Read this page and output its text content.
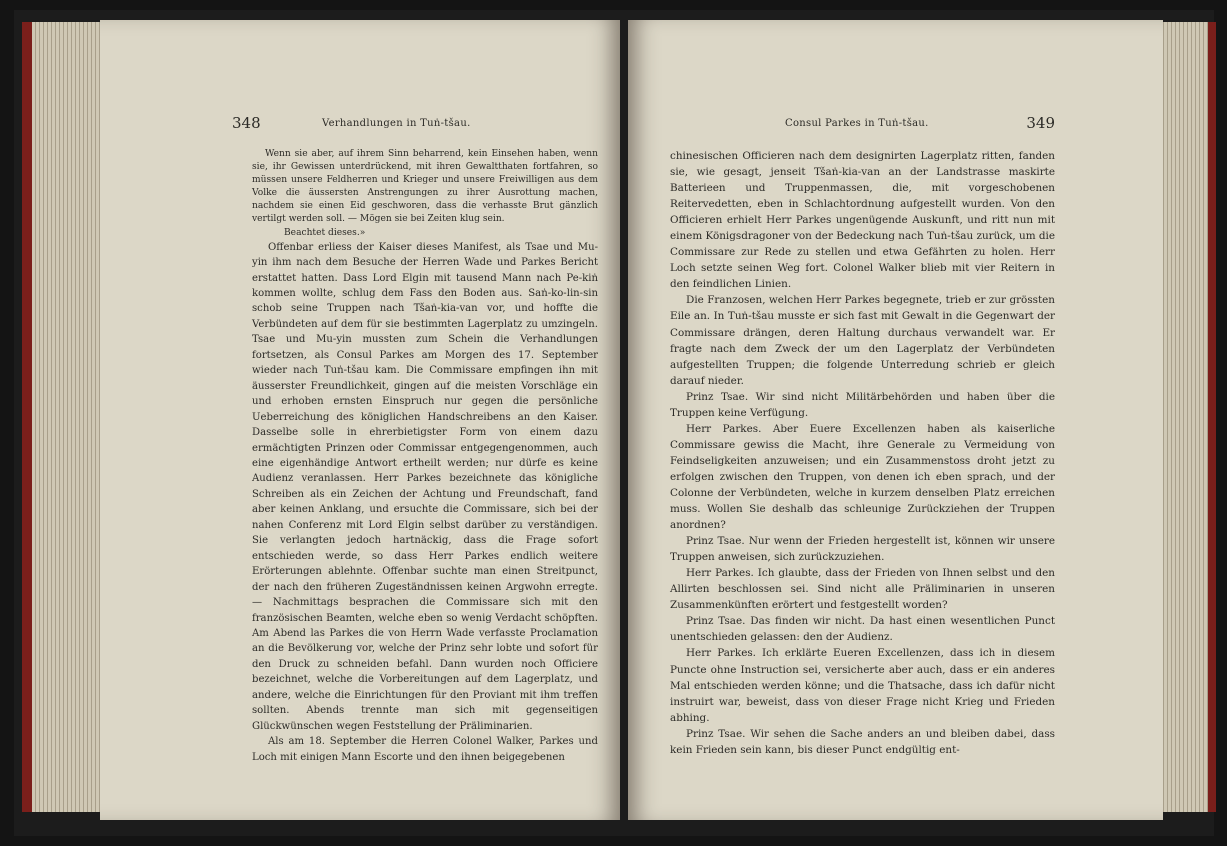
348	Verhandlungen in Tuṅ-tšau.

Wenn sie aber, auf ihrem Sinn beharrend, kein Einsehen haben, wenn sie, ihr Gewissen unterdrückend, mit ihren Gewaltthaten fortfahren, so müssen unsere Feldherren und Krieger und unsere Freiwilligen aus dem Volke die äussersten Anstrengungen zu ihrer Ausrottung machen, nachdem sie einen Eid geschworen, dass die verhasste Brut gänzlich vertilgt werden soll. — Mögen sie bei Zeiten klug sein.

Beachtet dieses.»

Offenbar erliess der Kaiser dieses Manifest, als Tsae und Mu-yin ihm nach dem Besuche der Herren Wade und Parkes Bericht erstattet hatten. Dass Lord Elgin mit tausend Mann nach Pe-kiṅ kommen wollte, schlug dem Fass den Boden aus. Saṅ-ko-lin-sin schob seine Truppen nach Tšaṅ-kia-van vor, und hoffte die Verbündeten auf dem für sie bestimmten Lagerplatz zu umzingeln. Tsae und Mu-yin mussten zum Schein die Verhandlungen fortsetzen, als Consul Parkes am Morgen des 17. September wieder nach Tuṅ-tšau kam. Die Commissare empfingen ihn mit äusserster Freundlichkeit, gingen auf die meisten Vorschläge ein und erhoben ernsten Einspruch nur gegen die persönliche Ueberreichung des königlichen Handschreibens an den Kaiser. Dasselbe solle in ehrerbietigster Form von einem dazu ermächtigten Prinzen oder Commissar entgegengenommen, auch eine eigenhändige Antwort ertheilt werden; nur dürfe es keine Audienz veranlassen. Herr Parkes bezeichnete das königliche Schreiben als ein Zeichen der Achtung und Freundschaft, fand aber keinen Anklang, und ersuchte die Commissare, sich bei der nahen Conferenz mit Lord Elgin selbst darüber zu verständigen. Sie verlangten jedoch hartnäckig, dass die Frage sofort entschieden werde, so dass Herr Parkes endlich weitere Erörterungen ablehnte. Offenbar suchte man einen Streitpunct, der nach den früheren Zugeständnissen keinen Argwohn erregte. — Nachmittags besprachen die Commissare sich mit den französischen Beamten, welche eben so wenig Verdacht schöpften. Am Abend las Parkes die von Herrn Wade verfasste Proclamation an die Bevölkerung vor, welche der Prinz sehr lobte und sofort für den Druck zu schneiden befahl. Dann wurden noch Officiere bezeichnet, welche die Vorbereitungen auf dem Lagerplatz, und andere, welche die Einrichtungen für den Proviant mit ihm treffen sollten. Abends trennte man sich mit gegenseitigen Glückwünschen wegen Feststellung der Präliminarien.

Als am 18. September die Herren Colonel Walker, Parkes und Loch mit einigen Mann Escorte und den ihnen beigegebenen

Consul Parkes in Tuṅ-tšau.	349

chinesischen Officieren nach dem designirten Lagerplatz ritten, fanden sie, wie gesagt, jenseit Tšaṅ-kia-van an der Landstrasse maskirte Batterieen und Truppenmassen, die, mit vorgeschobenen Reitervedetten, eben in Schlachtordnung aufgestellt wurden. Von den Officieren erhielt Herr Parkes ungenügende Auskunft, und ritt nun mit einem Königsdragoner von der Bedeckung nach Tuṅ-tšau zurück, um die Commissare zur Rede zu stellen und etwa Gefährten zu holen. Herr Loch setzte seinen Weg fort. Colonel Walker blieb mit vier Reitern in den feindlichen Linien.

Die Franzosen, welchen Herr Parkes begegnete, trieb er zur grössten Eile an. In Tuṅ-tšau musste er sich fast mit Gewalt in die Gegenwart der Commissare drängen, deren Haltung durchaus verwandelt war. Er fragte nach dem Zweck der um den Lagerplatz der Verbündeten aufgestellten Truppen; die folgende Unterredung schrieb er gleich darauf nieder.

Prinz Tsae. Wir sind nicht Militärbehörden und haben über die Truppen keine Verfügung.

Herr Parkes. Aber Euere Excellenzen haben als kaiserliche Commissare gewiss die Macht, ihre Generale zu Vermeidung von Feindseligkeiten anzuweisen; und ein Zusammenstoss droht jetzt zu erfolgen zwischen den Truppen, von denen ich eben sprach, und der Colonne der Verbündeten, welche in kurzem denselben Platz erreichen muss. Wollen Sie deshalb das schleunige Zurückziehen der Truppen anordnen?

Prinz Tsae. Nur wenn der Frieden hergestellt ist, können wir unsere Truppen anweisen, sich zurückzuziehen.

Herr Parkes. Ich glaubte, dass der Frieden von Ihnen selbst und den Allirten beschlossen sei. Sind nicht alle Präliminarien in unseren Zusammenkünften erörtert und festgestellt worden?

Prinz Tsae. Das finden wir nicht. Da hast einen wesentlichen Punct unentschieden gelassen: den der Audienz.

Herr Parkes. Ich erklärte Eueren Excellenzen, dass ich in diesem Puncte ohne Instruction sei, versicherte aber auch, dass er ein anderes Mal entschieden werden könne; und die Thatsache, dass ich dafür nicht instruirt war, beweist, dass von dieser Frage nicht Krieg und Frieden abhing.

Prinz Tsae. Wir sehen die Sache anders an und bleiben dabei, dass kein Frieden sein kann, bis dieser Punct endgültig ent-
